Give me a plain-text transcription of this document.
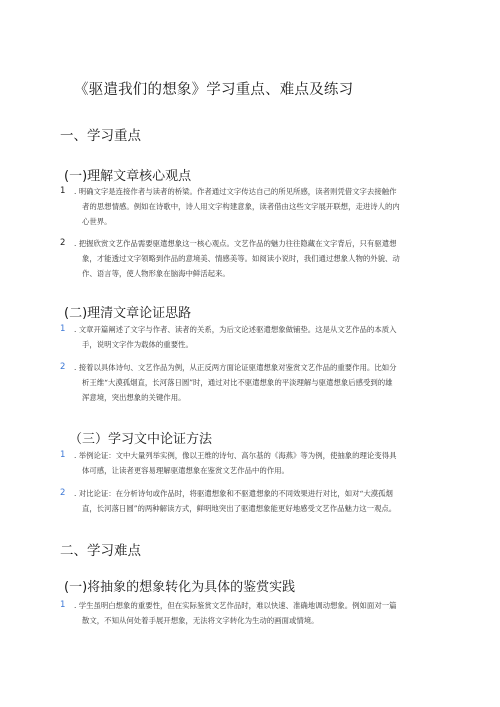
《驱遣我们的想象》学习重点、难点及练习
一、学习重点
(一)理解文章核心观点
1 . 明确文字是连接作者与读者的桥梁。作者通过文字传达自己的所见所感，读者则凭借文字去接触作
者的思想情感。例如在诗歌中，诗人用文字构建意象，读者借由这些文字展开联想，走进诗人的内
心世界。
2 . 把握欣赏文艺作品需要驱遣想象这一核心观点。文艺作品的魅力往往隐藏在文字背后，只有驱遣想
象，才能透过文字领略到作品的意境美、情感美等。如阅读小说时，我们通过想象人物的外貌、动
作、语言等，使人物形象在脑海中鲜活起来。
(二)理清文章论证思路
1 . 文章开篇阐述了文字与作者、读者的关系，为后文论述驱遣想象做铺垫。这是从文艺作品的本质入
手，说明文字作为载体的重要性。
2 . 接着以具体诗句、文艺作品为例，从正反两方面论证驱遣想象对鉴赏文艺作品的重要作用。比如分
析王维“大漠孤烟直，长河落日圆”时，通过对比不驱遣想象的平淡理解与驱遣想象后感受到的雄
浑意境，突出想象的关键作用。
（三）学习文中论证方法
1 . 举例论证：文中大量列举实例，像以王维的诗句、高尔基的《海燕》等为例，使抽象的理论变得具
体可感，让读者更容易理解驱遣想象在鉴赏文艺作品中的作用。
2 . 对比论证：在分析诗句或作品时，将驱遣想象和不驱遣想象的不同效果进行对比，如对“大漠孤烟
直，长河落日圆”的两种解读方式，鲜明地突出了驱遣想象能更好地感受文艺作品魅力这一观点。
二、学习难点
(一)将抽象的想象转化为具体的鉴赏实践
1 . 学生虽明白想象的重要性，但在实际鉴赏文艺作品时，难以快速、准确地调动想象。例如面对一篇
散文，不知从何处着手展开想象，无法将文字转化为生动的画面或情境。
